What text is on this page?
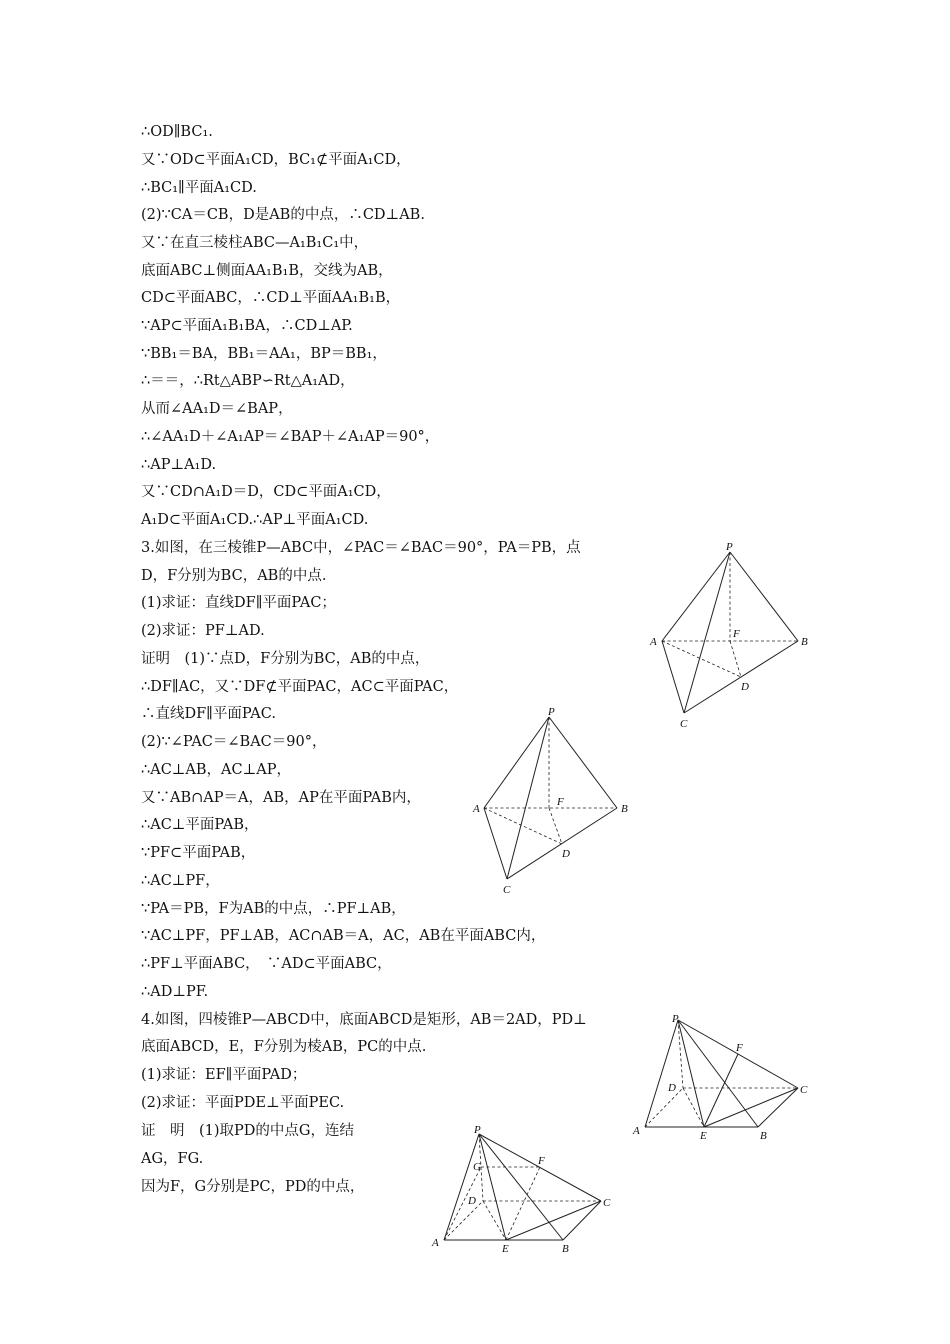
∴OD∥BC₁.
又∵OD⊂平面A₁CD，BC₁⊄平面A₁CD，
∴BC₁∥平面A₁CD.
(2)∵CA＝CB，D是AB的中点，∴CD⊥AB.
又∵在直三棱柱ABC—A₁B₁C₁中，
底面ABC⊥侧面AA₁B₁B，交线为AB，
CD⊂平面ABC，∴CD⊥平面AA₁B₁B，
∵AP⊂平面A₁B₁BA，∴CD⊥AP.
∵BB₁＝BA，BB₁＝AA₁，BP＝BB₁，
∴＝＝，∴Rt△ABP∽Rt△A₁AD，
从而∠AA₁D＝∠BAP，
∴∠AA₁D＋∠A₁AP＝∠BAP＋∠A₁AP＝90°，
∴AP⊥A₁D.
又∵CD∩A₁D＝D，CD⊂平面A₁CD，
A₁D⊂平面A₁CD.∴AP⊥平面A₁CD.
3.如图，在三棱锥P—ABC中，∠PAC＝∠BAC＝90°，PA＝PB，点
D，F分别为BC，AB的中点.
(1)求证：直线DF∥平面PAC；
(2)求证：PF⊥AD.
证明　(1)∵点D，F分别为BC，AB的中点，
∴DF∥AC，又∵DF⊄平面PAC，AC⊂平面PAC，
∴直线DF∥平面PAC.
(2)∵∠PAC＝∠BAC＝90°，
∴AC⊥AB，AC⊥AP，
又∵AB∩AP＝A，AB，AP在平面PAB内，
∴AC⊥平面PAB，
∵PF⊂平面PAB，
∴AC⊥PF，
∵PA＝PB，F为AB的中点，∴PF⊥AB，
∵AC⊥PF，PF⊥AB，AC∩AB＝A，AC，AB在平面ABC内，
∴PF⊥平面ABC，　∵AD⊂平面ABC，
∴AD⊥PF.
4.如图，四棱锥P—ABCD中，底面ABCD是矩形，AB＝2AD，PD⊥
底面ABCD，E，F分别为棱AB，PC的中点.
(1)求证：EF∥平面PAD；
(2)求证：平面PDE⊥平面PEC.
证　明　(1)取PD的中点G，连结
AG，FG.
因为F，G分别是PC，PD的中点，
P
A	B
C
D
F
P
A	B
C
D
F
P
A	B
C
D
E
F
P
A	B
C
D
E
F
G
